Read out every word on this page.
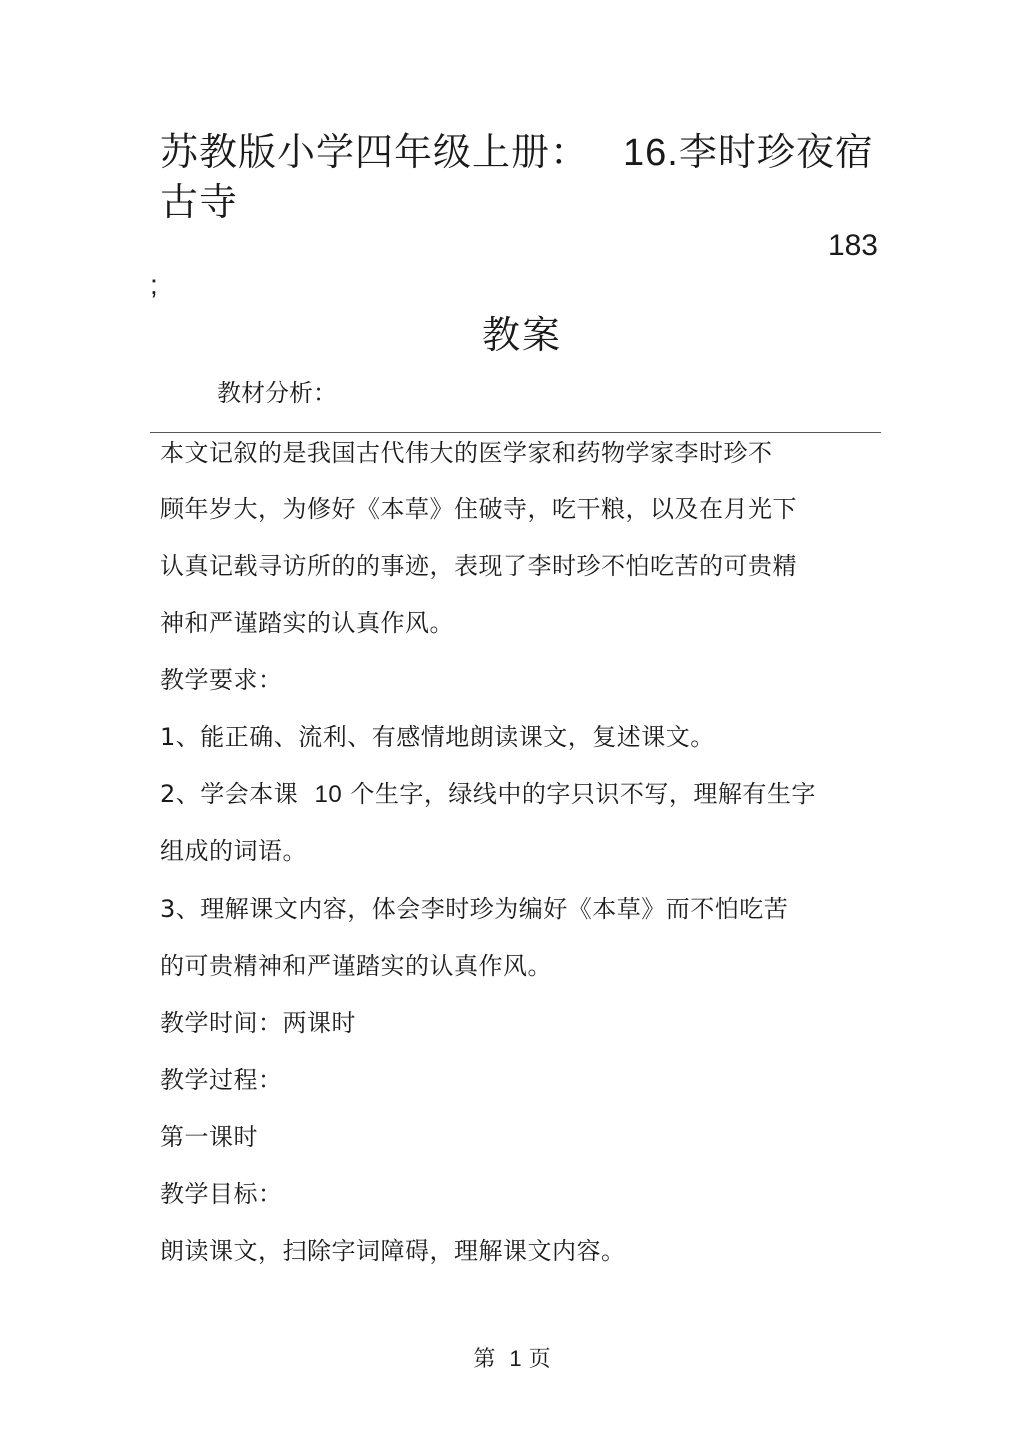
苏教版小学四年级上册： 16.李时珍夜宿
古寺
183
;
教案
教材分析：
本文记叙的是我国古代伟大的医学家和药物学家李时珍不
顾年岁大，为修好《本草》住破寺，吃干粮，以及在月光下
认真记载寻访所的的事迹，表现了李时珍不怕吃苦的可贵精
神和严谨踏实的认真作风。
教学要求：
1、能正确、流利、有感情地朗读课文，复述课文。
2、学会本课 10 个生字，绿线中的字只识不写，理解有生字
组成的词语。
3、理解课文内容，体会李时珍为编好《本草》而不怕吃苦
的可贵精神和严谨踏实的认真作风。
教学时间：两课时
教学过程：
第一课时
教学目标：
朗读课文，扫除字词障碍，理解课文内容。
第 1 页
